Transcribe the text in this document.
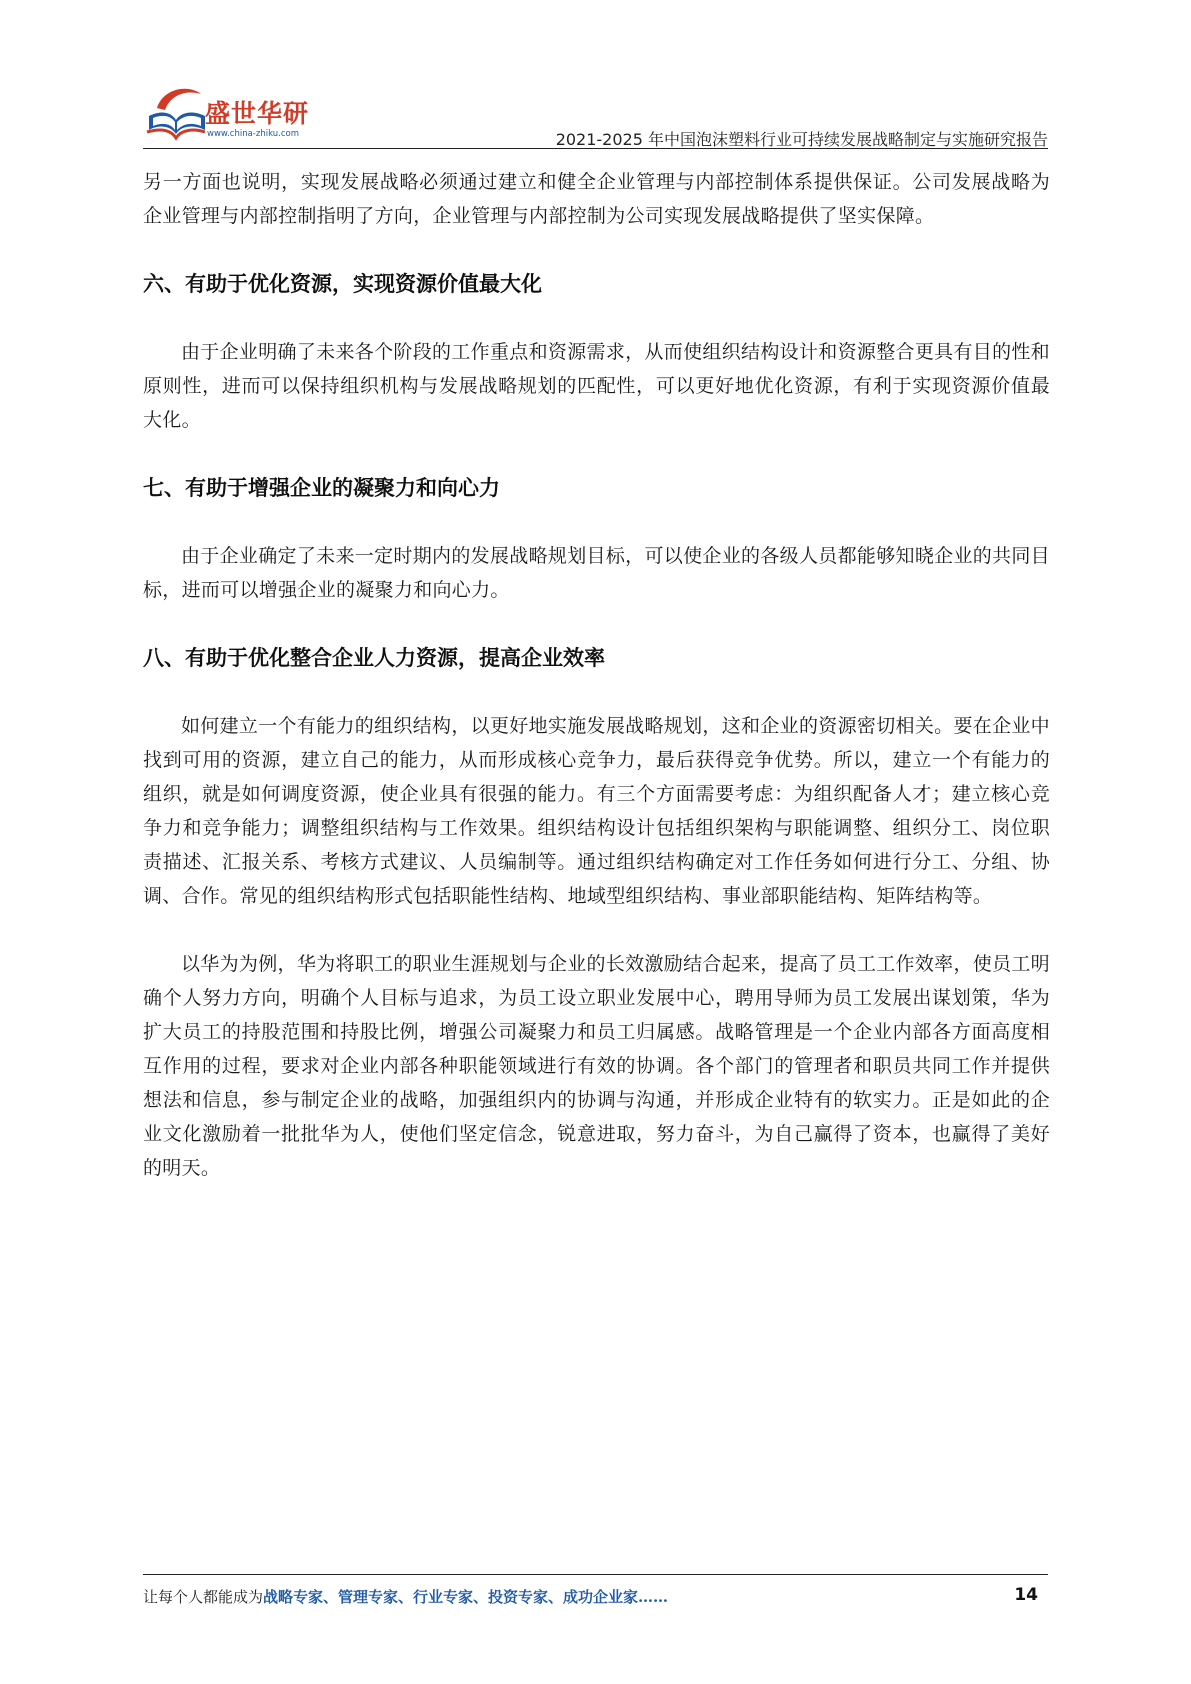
盛世华研
www.china-zhiku.com	2021-2025 年中国泡沫塑料行业可持续发展战略制定与实施研究报告

另一方面也说明，实现发展战略必须通过建立和健全企业管理与内部控制体系提供保证。公司发展战略为企业管理与内部控制指明了方向，企业管理与内部控制为公司实现发展战略提供了坚实保障。

六、有助于优化资源，实现资源价值最大化

由于企业明确了未来各个阶段的工作重点和资源需求，从而使组织结构设计和资源整合更具有目的性和原则性，进而可以保持组织机构与发展战略规划的匹配性，可以更好地优化资源，有利于实现资源价值最大化。

七、有助于增强企业的凝聚力和向心力

由于企业确定了未来一定时期内的发展战略规划目标，可以使企业的各级人员都能够知晓企业的共同目标，进而可以增强企业的凝聚力和向心力。

八、有助于优化整合企业人力资源，提高企业效率

如何建立一个有能力的组织结构，以更好地实施发展战略规划，这和企业的资源密切相关。要在企业中找到可用的资源，建立自己的能力，从而形成核心竞争力，最后获得竞争优势。所以，建立一个有能力的组织，就是如何调度资源，使企业具有很强的能力。有三个方面需要考虑：为组织配备人才；建立核心竞争力和竞争能力；调整组织结构与工作效果。组织结构设计包括组织架构与职能调整、组织分工、岗位职责描述、汇报关系、考核方式建议、人员编制等。通过组织结构确定对工作任务如何进行分工、分组、协调、合作。常见的组织结构形式包括职能性结构、地域型组织结构、事业部职能结构、矩阵结构等。

以华为为例，华为将职工的职业生涯规划与企业的长效激励结合起来，提高了员工工作效率，使员工明确个人努力方向，明确个人目标与追求，为员工设立职业发展中心，聘用导师为员工发展出谋划策，华为扩大员工的持股范围和持股比例，增强公司凝聚力和员工归属感。战略管理是一个企业内部各方面高度相互作用的过程，要求对企业内部各种职能领域进行有效的协调。各个部门的管理者和职员共同工作并提供想法和信息，参与制定企业的战略，加强组织内的协调与沟通，并形成企业特有的软实力。正是如此的企业文化激励着一批批华为人，使他们坚定信念，锐意进取，努力奋斗，为自己赢得了资本，也赢得了美好的明天。

让每个人都能成为战略专家、管理专家、行业专家、投资专家、成功企业家……	14
